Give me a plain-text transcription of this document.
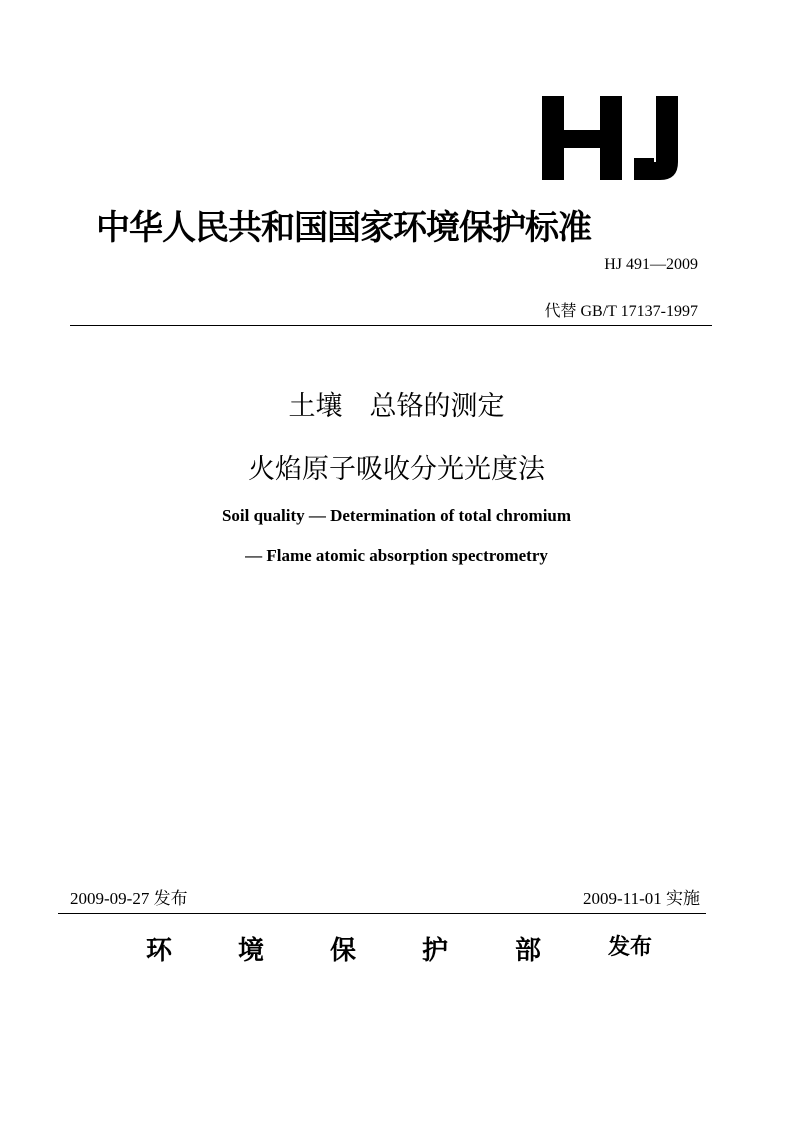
中华人民共和国国家环境保护标准
HJ 491—2009
代替 GB/T 17137-1997
土壤　总铬的测定
火焰原子吸收分光光度法
Soil quality — Determination of total chromium
— Flame atomic absorption spectrometry
2009-09-27 发布	2009-11-01 实施
环	境	保	护	部	发布
